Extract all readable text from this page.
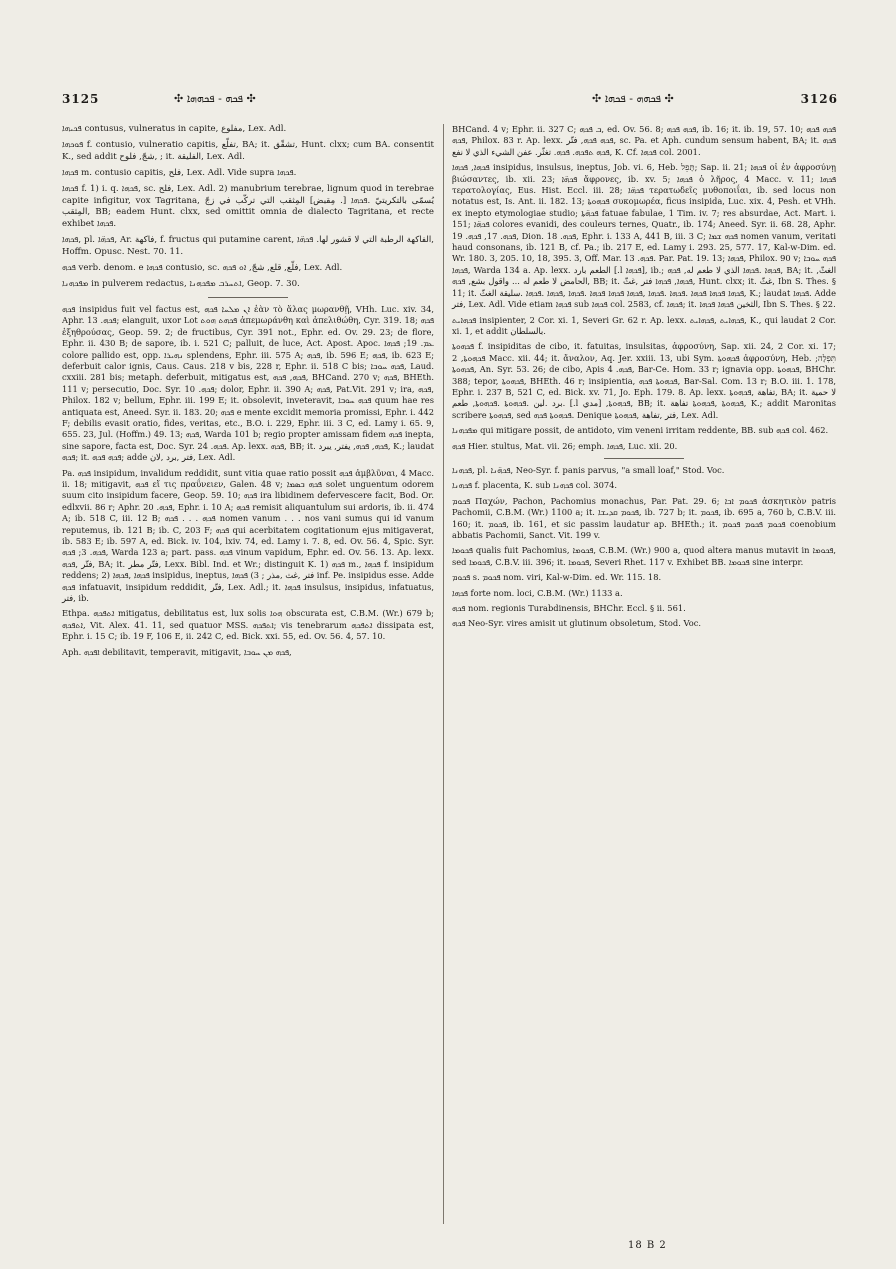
3125	✣ ܦܟܗ - ܦܟܗܗܐ ✣	✣ ܦܟܗܗ - ܦܟܗܐ ✣	3126

ܦܟܝܗܐ contusus, vulneratus in capite, مفلوع, Lex. Adl.

ܦܘܟܗܐ f. contusio, vulneratio capitis, تفلّع, BA; it. تشقّق, Hunt. clxx; cum BA. consentit K., sed addit شجّ, فلوح, ; it. الفليقة, Lex. Adl.

ܦܟܗܐ m. contusio capitis, فلح, Lex. Adl. Vide supra ܦܟܗܐ.

ܦܟܗܐ f. 1) i. q. ܦܟܗܐ, sc. فلح, Lex. Adl. 2) manubrium terebrae, lignum quod in terebrae capite infigitur, vox Tagritana, يُسمّى بالتكريتيّ .ܦܟܗܐ [. مِقبض] المِثقب التي تركّب في زجّ المِثقب, BB; eadem Hunt. clxx, sed omittit omnia de dialecto Tagritana, et recte exhibet ܦܟܗܐ.

ܦܟܗܐ, pl. ܦܟܗ̈ܐ, Ar. فاكهة, f. fructus qui putamine carent, الفاكهة الرطبة التي لا قشور لها. ܦܟܗ̈ܐ, Hoffm. Opusc. Nest. 70. 11.

ܦܟܗ verb. denom. e ܦܟܗܐ contusio, sc. فلّع, قلع, شجّ, ܐܘ ܦܟܗ, Lex. Adl.

ܡܦܟܗܢܐ in pulverem redactus, ܐܬܚܪܒ ܡܦܟܗܢܐ, Geop. 7. 30.

ܦܟܗ insipidus fuit vel factus est, ܐܢ ܡܠܚܐ ܦܟܗ ἐὰν τὸ ἅλας μωρανθῇ, VHh. Luc. xiv. 34, Aphr. ܦܟܗ. 13; elanguit, uxor Lot ܦܟܗܬ ܗܘܬ ἀπεμωράνθη καὶ ἀπελιθώθη, Cyr. 319. 18; ܦܟܗ ἐξηθρούσας, Geop. 59. 2; de fructibus, Cyr. 391 not., Ephr. ed. Ov. 29. 23; de flore, Ephr. ii. 430 B; de sapore, ib. i. 521 C; palluit, de luce, Act. Apost. Apoc. ܥܡ. 19; ܦܟܗܐ colore pallido est, opp. ܢܗܝܪܐ splendens, Ephr. iii. 575 A; ܦܟܗ, ib. 596 E; ܦܟܗ, ib. 623 E; deferbuit calor ignis, Caus. Caus. 218 v bis, 228 r, Ephr. ii. 518 C bis; ܦܟܗ ܚܘܒܐ, Laud. cxxiii. 281 bis; metaph. deferbuit, mitigatus est, ܦܟܗ, ܦܟܗ, BHCand. 270 v; ܦܟܗ, BHEth. 111 v; persecutio, Doc. Syr. ܦܟܗ. 10; dolor, Ephr. ii. 390 A; ܦܟܗ, Pat.Vit. 291 v; ira, ܦܟܗ, Philox. 182 v; bellum, Ephr. iii. 199 E; it. obsolevit, inveteravit, ܦܟܗ ܚܘܒܐ quum hae res antiquata est, Aneed. Syr. ii. 183. 20; ܦܟܗ e mente excidit memoria promissi, Ephr. i. 442 F; debilis evasit oratio, fides, veritas, etc., B.O. i. 229, Ephr. iii. 3 C, ed. Lamy i. 65. 9, 655. 23, Jul. (Hoffm.) 49. 13; ܦܟܗ, Warda 101 b; regio propter amissam fidem ܦܟܗ inepta, sine sapore, facta est, Doc. Syr. ܦܟܗ. 24. Ap. lexx. ܦܟܗ, BB; it. ܦܟܗ, ܦܟܗ, يفتر, يبرد, K.; laudat ܦܟܗ; it. ܦܟܗ ܦܟܗ; adde فتر ,برد ,لان, Lex. Adl.

Pa. ܦܟܗ insipidum, invalidum reddidit, sunt vitia quae ratio possit ܦܟܗ ἀμβλῦναι, 4 Macc. ii. 18; mitigavit, ܦܟܗ εἴ τις πραΰνειεν, Galen. 48 v; ܦܟܗ ܒܣܡܐ solet unguentum odorem suum cito insipidum facere, Geop. 59. 10; ܦܟܗ ira libidinem defervescere facit, Bod. Or. edlxvii. 86 r; Aphr. ܦܟܗ. 20, Ephr. i. 10 A; ܦܟܗ remisit aliquantulum sui ardoris, ib. ii. 474 A; ib. 518 C, iii. 12 B; ܦܟܗ . . . ܦܟܗ nomen vanum . . . nos vani sumus qui id vanum reputemus, ib. 121 B; ib. C, 203 F; ܦܟܗ qui acerbitatem cogitationum ejus mitigaverat, ib. 583 E; ib. 597 A, ed. Bick. iv. 104, lxiv. 74, ed. Lamy i. 7. 8, ed. Ov. 56. 4, Spic. Syr. ܦܟܗ. 3; ܦܟܗ, Warda 123 a; part. pass. ܦܟܗ vinum vapidum, Ephr. ed. Ov. 56. 13. Ap. lexx. فتّر ,ܦܟܗ, BA; it. فتّر مطر, Lexx. Bibl. Ind. et Wr.; distinguit K. 1) ܦܟܗ m., ܦܟܗܐ f. insipidum reddens; 2) ܦܟܗܐ ,ܦܟܗܐ insipidus, ineptus, فتر ,غث ,مذر ; 3) ܦܟܗܐ inf. Pe. insipidus esse. Adde ܦܟܗ infatuavit, insipidum reddidit, فتّر, Lex. Adl.; it. ܦܟܗܐ insulsus, insipidus, infatuatus, فتر, ib.

Ethpa. ܐܬܦܟܗ mitigatus, debilitatus est, lux solis ܗܘܐ obscurata est, C.B.M. (Wr.) 679 b; ܐܬܦܟܗ, Vit. Alex. 41. 11, sed quatuor MSS. ܐܬܦܟܗ; vis tenebrarum ܐܬܦܟܗ dissipata est, Ephr. i. 15 C; ib. 19 F, 106 E, ii. 242 C, ed. Bick. xxi. 55, ed. Ov. 56. 4, 57. 10.

Aph. ܐܦܟܗ debilitavit, temperavit, mitigavit, ܦܟܗ ܡܢ ܚܘܒܐ,

BHCand. 4 v; Ephr. ii. 327 C; ܒ ܦܟܗ, ed. Ov. 56. 8; ܦܟܗ ܦܟܗ, ib. 16; it. ib. 19, 57. 10; ܦܟܗ ܦܟܗ ܦܟܗ, Philox. 83 r. Ap. lexx. ܦܟܗ ܦܟܗ, فتّر, sc. Pa. et Aph. cundum sensum habent, BA; it. ܦܟܗ ܦܟܗ ܬܦܟܗ. ܦܟܗ. تغثّر. عفن الشيء الذي لا نفع, K. Cf. ܦܟܗܐ col. 2001.

ܦܟܗܐ, ܦܟܗܐ insipidus, insulsus, ineptus, Job. vi. 6, Heb. תָּפֵל; Sap. ii. 21; ܦܟܗܐ οἱ ἐν ἀφροσύνῃ βιώσαντες, ib. xii. 23; ܦܟܗ̈ܐ ἄφρονες, ib. xv. 5; ܦܟܗܐ ὁ λῆρος, 4 Macc. v. 11; ܦܟܗܐ τερατολογίας, Eus. Hist. Eccl. iii. 28; ܦܟܗ̈ܐ τερατωδεῖς μυθοποιΐαι, ib. sed locus non notatus est, Is. Ant. ii. 182. 13; ܦܟܗܘܬܐ συκομωρέα, ficus insipida, Luc. xix. 4, Pesh. et VHh. ex inepto etymologiae studio; ܦܟܗ̈ܬܐ fatuae fabulae, 1 Tim. iv. 7; res absurdae, Act. Mart. i. 151; ܦܟܗ̈ܐ colores evanidi, des couleurs ternes, Quatr., ib. 174; Aneed. Syr. ii. 68. 28, Aphr. ܦܟܗ. 17, ܦܟܗ. 19, Dion. ܦܟܗ. 18, Ephr. i. 133 A, 441 B, iii. 3 C; ܦܟܗ ܫܡܐ nomen vanum, veritati haud consonans, ib. 121 B, cf. Pa.; ib. 217 E, ed. Lamy i. 293. 25, 577. 17, Kal-w-Dim. ed. Wr. 180. 3, 205. 10, 18, 395. 3, Off. Mar. ܦܟܗ. 13. Par. Pat. 19. 13; ܦܟܗܐ, Philox. 90 v; ܦܟܗ ܚܘܒܐ ܦܟܗܐ, Warda 134 a. Ap. lexx. الطعم بارد [.l ܦܟܗܐ], ib.; ܦܟܗܐ .ܦܟܗܐ الذي لا طعم له, ܦܟܗ, BA; it. الغثّ, الحامض لا طعم له ... واقول بشع, ܦܟܗ, BB; it. ܦܟܗܐ, ܦܟܗܐ فتر ,غثّ, Hunt. clxx; it. غثّ, Ibn S. Thes. § 11; it. ܦܟܗܐ ܦܟܗܐ ܦܟܗܐ .ܦܟܗܐ .ܦܟܗܐ ,ܦܟܗܐ ܦܟܗܐ ܦܟܗܐ .ܦܟܗܐ ,ܦܟܗܐ .ܦܟܗܐ .سليقة الغثّ, K.; laudat ܦܟܗܐ. Adde فتر, Lex. Adl. Vide etiam ܦܟܗܐ sub ܦܟܗܐ col. 2583, cf. ܦܟܗܐ; it. الثخين ܦܟܗܐ ܦܟܗܐ, Ibn S. Thes. § 22.

ܦܟܗܐܝܬ insipienter, 2 Cor. xi. 1, Severi Gr. 62 r. Ap. lexx. ܦܟܗܐܝܬ ,ܦܟܗܐܝܬ, K., qui laudat 2 Cor. xi. 1, et addit بالسلطان.

ܦܟܗܘܬܐ f. insipiditas de cibo, it. fatuitas, insulsitas, ἀφροσύνη, Sap. xii. 24, 2 Cor. xi. 17; ܦܟܗܘܬܐ, 2 Macc. xii. 44; it. ἄναλον, Aq. Jer. xxiii. 13, ubi Sym. ܦܟܗܘܬܐ ἀφροσύνη, Heb. תִּפְלָה; ܦܟܗܘܬܐ, An. Syr. 53. 26; de cibo, Apis ܦܟܗ. 4, Bar-Ce. Hom. 33 r; ignavia opp. ܦܟܗܘܬܐ, BHChr. 388; tepor, ܦܟܗܘܬܐ, BHEth. 46 r; insipientia, ܦܟܗܘܬܐ ܦܟܗ, Bar-Sal. Com. 13 r; B.O. iii. 1. 178, Ephr. i. 237 B, 521 C, ed. Bick. xv. 71, Jo. Eph. 179. 8. Ap. lexx. تفاهة ,ܦܟܗܘܬܐ, BA; it. لا حمية .برد .لين .ܦܟܗܘܬܐ .ܦܟܗܘܬܐ, طعم [.l مدي] ,ܦܟܗܘܬܐ, BB; it. ܦܟܗܘܬܐ ,ܦܟܗܘܬܐ تفاهة, K.; addit Maronitas scribere ܦܟܗܘܬܐ, sed ܦܟܗܘܬܐ ܦܟܗ. Denique فتر ,تفاهة ,ܦܟܗܘܬܐ, Lex. Adl.

ܡܦܟܗܢܐ qui mitigare possit, de antidoto, vim veneni irritam reddente, BB. sub ܦܟܗ col. 462.

ܦܟܗ Hier. stultus, Mat. vii. 26; emph. ܦܟܗܐ, Luc. xii. 20.

ܦܟܗܢܐ, pl. ܦܟܗ̈ܢܐ, Neo-Syr. f. panis parvus, "a small loaf," Stod. Voc.

ܦܟܗܢܐ f. placenta, K. sub ܦܟܗܢܐ col. 3074.

ܦܟܘܡ Παχών, Pachon, Pachomius monachus, Par. Pat. 29. 6; ܦܟܘܡ ܐܒܐ ἀσκητικὸν patris Pachomii, C.B.M. (Wr.) 1100 a; it. ܦܟܘܡ ܩܕܝܫܐ, ib. 727 b; it. ܦܟܘܡ, ib. 695 a, 760 b, C.B.V. iii. 160; it. ܦܟܘܡ, ib. 161, et sic passim laudatur ap. BHEth.; it. ܦܟܘܡ ܦܟܘܡ ܦܟܘܡ coenobium abbatis Pachomii, Sanct. Vit. 199 v.

ܦܟܘܡܐ qualis fuit Pachomius, ܦܟܘܡܐ, C.B.M. (Wr.) 900 a, quod altera manus mutavit in ܦܟܘܡܐ, sed ܦܟܘܡܐ, C.B.V. iii. 396; it. ܦܟܘܡܐ, Severi Rhet. 117 v. Exhibet BB. ܦܟܘܡܐ sine interpr.

ܦܟܘܡ s. ܦܟܘܡ nom. viri, Kal-w-Dim. ed. Wr. 115. 18.

ܦܟܗܐ forte nom. loci, C.B.M. (Wr.) 1133 a.

ܦܟܗ nom. regionis Turabdinensis, BHChr. Eccl. § ii. 561.

ܦܟܗ Neo-Syr. vires amisit ut glutinum obsoletum, Stod. Voc.

18 B 2
